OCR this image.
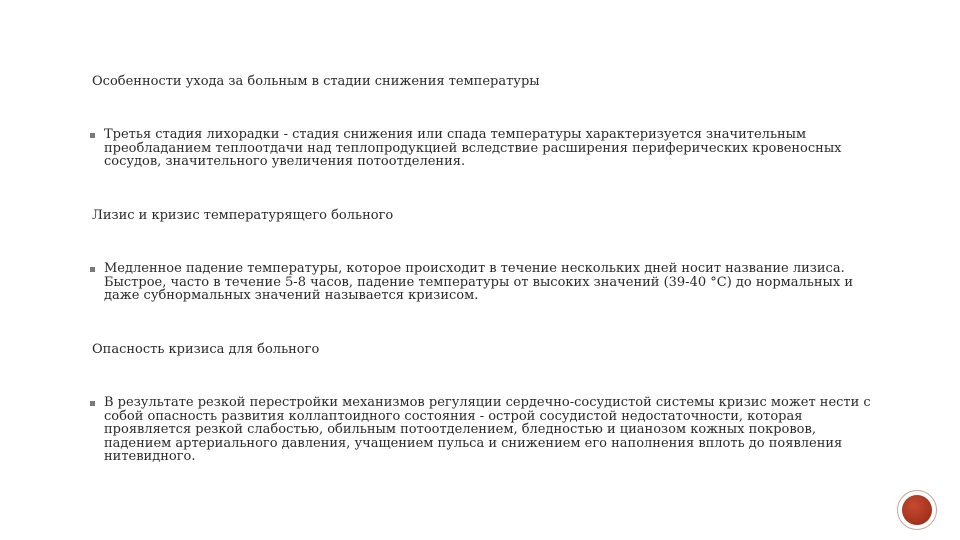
Особенности ухода за больным в стадии снижения температуры
Третья стадия лихорадки - стадия снижения или спада температуры характеризуется значительным преобладанием теплоотдачи над теплопродукцией вследствие расширения периферических кровеносных сосудов, значительного увеличения потоотделения.
Лизис и кризис температурящего больного
Медленное падение температуры, которое происходит в течение нескольких дней носит название лизиса. Быстрое, часто в течение 5-8 часов, падение температуры от высоких значений (39-40 °С) до нормальных и даже субнормальных значений называется кризисом.
Опасность кризиса для больного
В результате резкой перестройки механизмов регуляции сердечно-сосудистой системы кризис может нести с собой опасность развития коллаптоидного состояния - острой сосудистой недостаточности, которая проявляется резкой слабостью, обильным потоотделением, бледностью и цианозом кожных покровов, падением артериального давления, учащением пульса и снижением его наполнения вплоть до появления нитевидного.
